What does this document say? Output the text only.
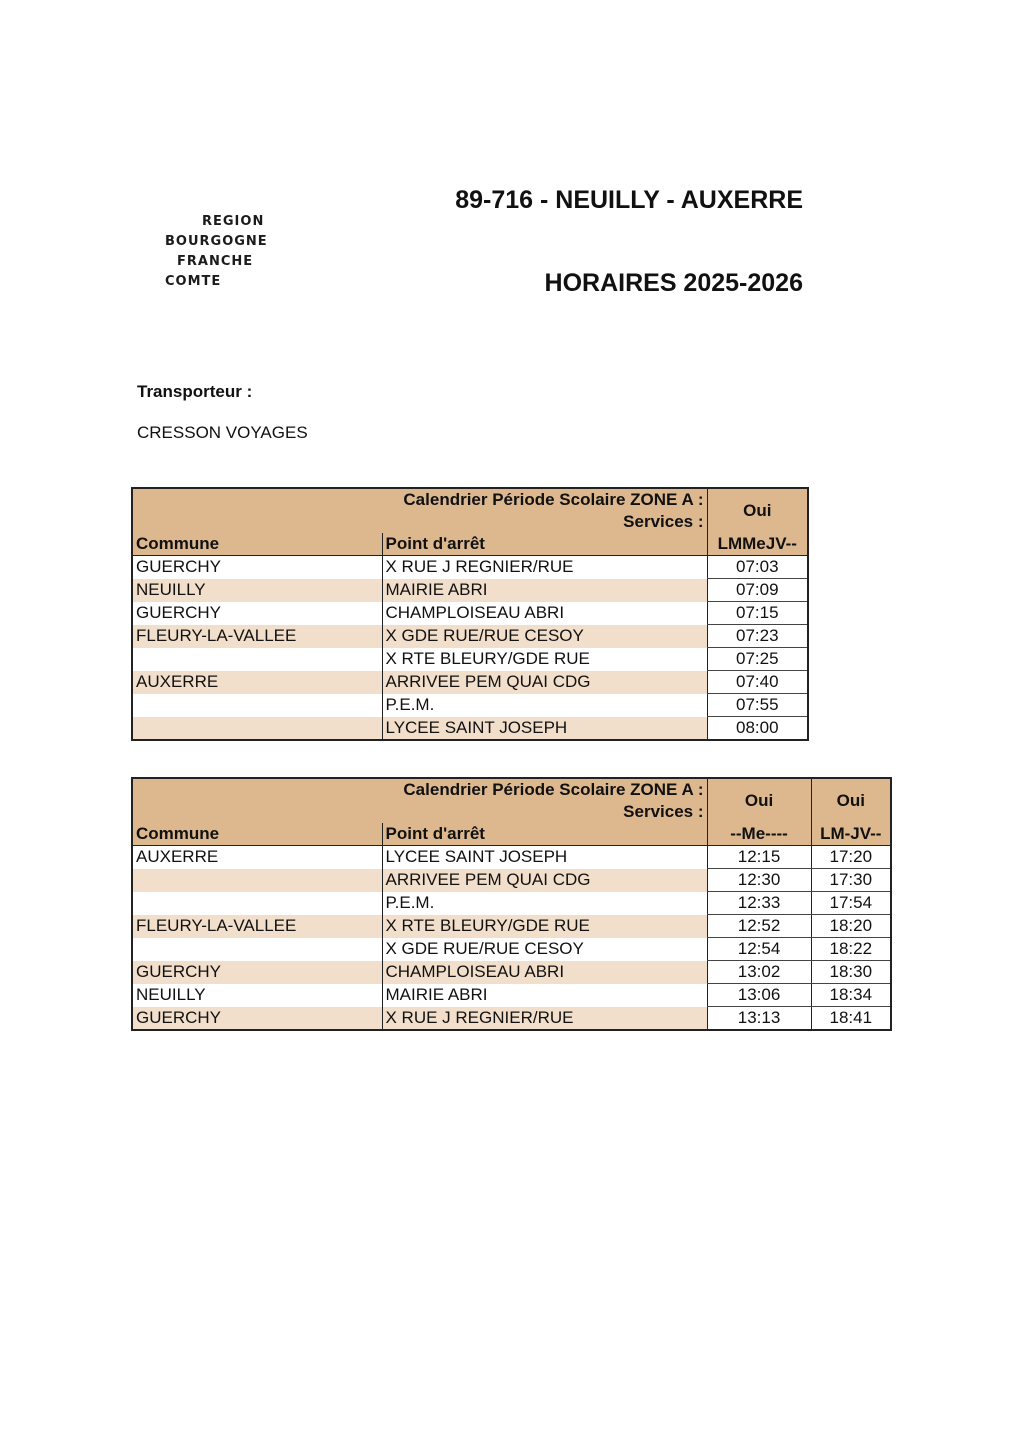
REGION
BOURGOGNE
FRANCHE
COMTE
89-716 - NEUILLY - AUXERRE
HORAIRES 2025-2026
Transporteur :
CRESSON VOYAGES
Calendrier Période Scolaire ZONE A :		Oui
Services :		
Commune	Point d'arrêt	LMMeJV--
GUERCHY	X RUE J REGNIER/RUE	07:03
NEUILLY	MAIRIE ABRI	07:09
GUERCHY	CHAMPLOISEAU ABRI	07:15
FLEURY-LA-VALLEE	X GDE RUE/RUE CESOY	07:23
	X RTE BLEURY/GDE RUE	07:25
AUXERRE	ARRIVEE PEM QUAI CDG	07:40
	P.E.M.	07:55
	LYCEE SAINT JOSEPH	08:00
Calendrier Période Scolaire ZONE A :		Oui	Oui
Services :			
Commune	Point d'arrêt	--Me----	LM-JV--
AUXERRE	LYCEE SAINT JOSEPH	12:15	17:20
	ARRIVEE PEM QUAI CDG	12:30	17:30
	P.E.M.	12:33	17:54
FLEURY-LA-VALLEE	X RTE BLEURY/GDE RUE	12:52	18:20
	X GDE RUE/RUE CESOY	12:54	18:22
GUERCHY	CHAMPLOISEAU ABRI	13:02	18:30
NEUILLY	MAIRIE ABRI	13:06	18:34
GUERCHY	X RUE J REGNIER/RUE	13:13	18:41
